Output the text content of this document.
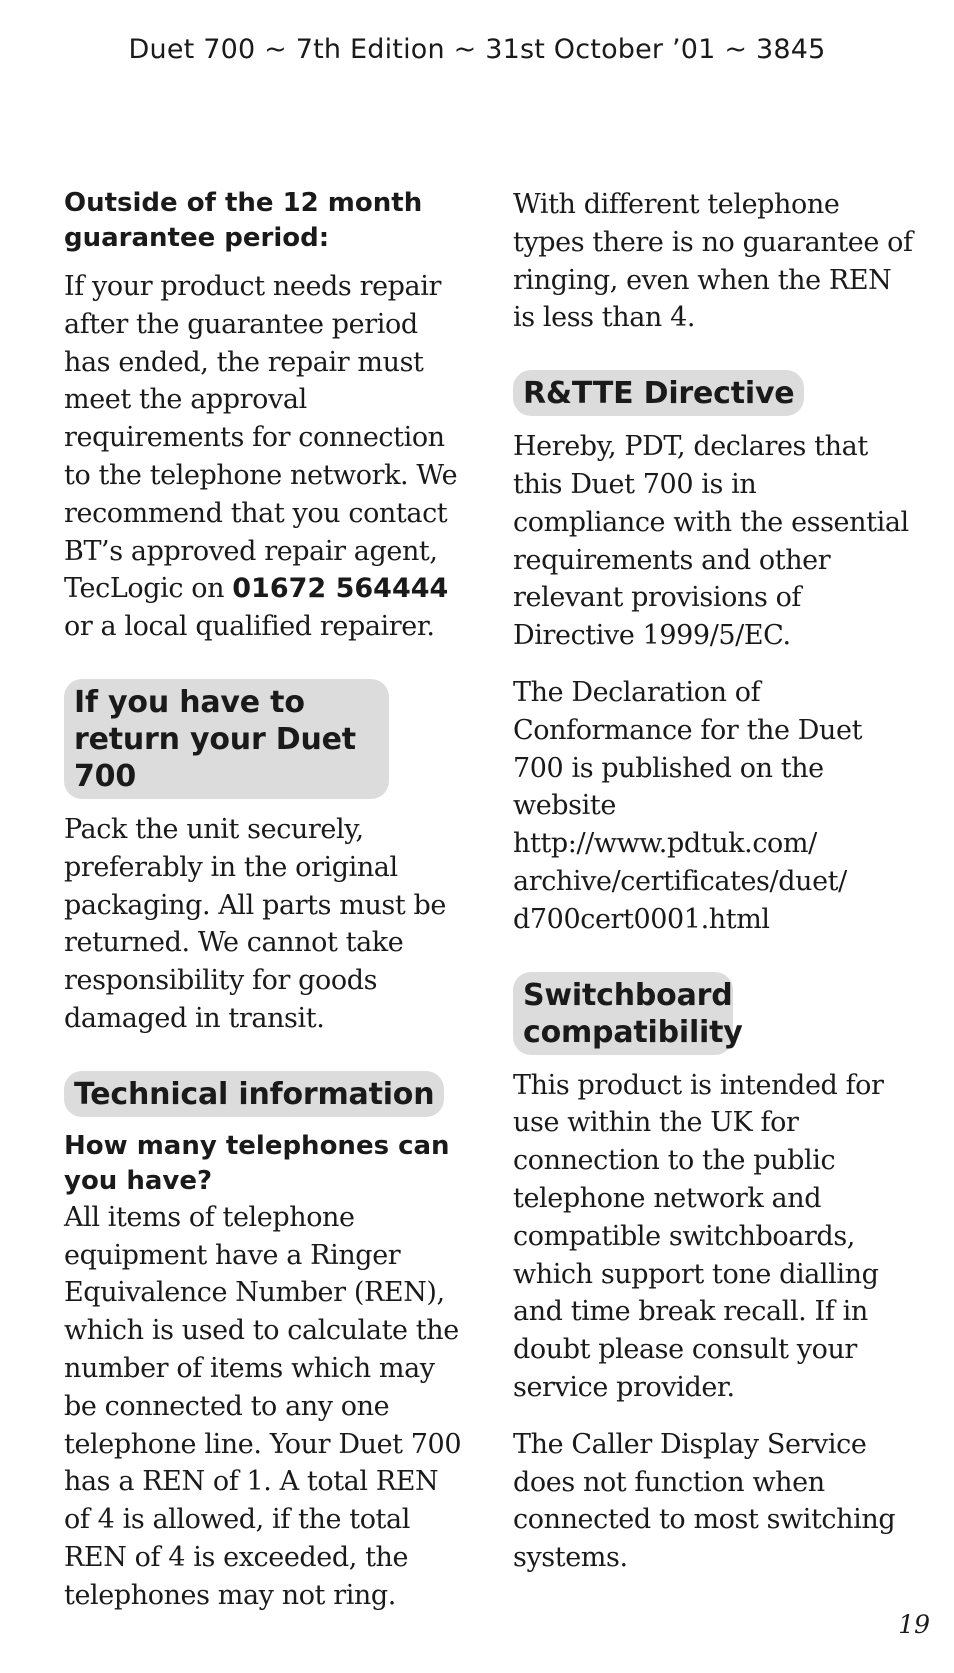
Duet 700 ~ 7th Edition ~ 31st October ’01 ~ 3845
Outside of the 12 month guarantee period:

If your product needs repair after the guarantee period has ended, the repair must meet the approval requirements for connection to the telephone network. We recommend that you contact BT’s approved repair agent, TecLogic on 01672 564444 or a local qualified repairer.

If you have to return your Duet 700

Pack the unit securely, preferably in the original packaging. All parts must be returned. We cannot take responsibility for goods damaged in transit.

Technical information
How many telephones can you have?

All items of telephone equipment have a Ringer Equivalence Number (REN), which is used to calculate the number of items which may be connected to any one telephone line. Your Duet 700 has a REN of 1. A total REN of 4 is allowed, if the total REN of 4 is exceeded, the telephones may not ring.

With different telephone types there is no guarantee of ringing, even when the REN is less than 4.

R&TTE Directive

Hereby, PDT, declares that this Duet 700 is in compliance with the essential requirements and other relevant provisions of Directive 1999/5/EC.

The Declaration of Conformance for the Duet 700 is published on the website http://www.pdtuk.com/ archive/certificates/duet/ d700cert0001.html

Switchboard compatibility

This product is intended for use within the UK for connection to the public telephone network and compatible switchboards, which support tone dialling and time break recall. If in doubt please consult your service provider.

The Caller Display Service does not function when connected to most switching systems.

19
